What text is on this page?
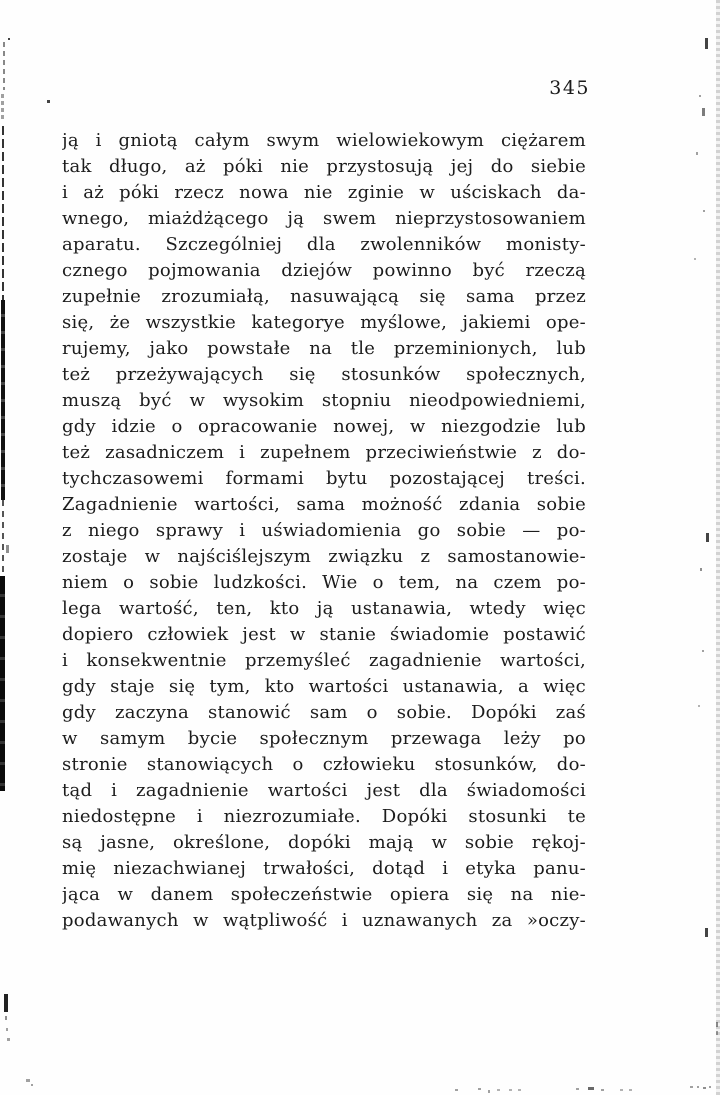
345
ją i gniotą całym swym wielowiekowym ciężarem
tak długo, aż póki nie przystosują jej do siebie
i aż póki rzecz nowa nie zginie w uściskach da-
wnego, miażdżącego ją swem nieprzystosowaniem
aparatu. Szczególniej dla zwolenników monisty-
cznego pojmowania dziejów powinno być rzeczą
zupełnie zrozumiałą, nasuwającą się sama przez
się, że wszystkie kategorye myślowe, jakiemi ope-
rujemy, jako powstałe na tle przeminionych, lub
też przeżywających się stosunków społecznych,
muszą być w wysokim stopniu nieodpowiedniemi,
gdy idzie o opracowanie nowej, w niezgodzie lub
też zasadniczem i zupełnem przeciwieństwie z do-
tychczasowemi formami bytu pozostającej treści.
Zagadnienie wartości, sama możność zdania sobie
z niego sprawy i uświadomienia go sobie — po-
zostaje w najściślejszym związku z samostanowie-
niem o sobie ludzkości. Wie o tem, na czem po-
lega wartość, ten, kto ją ustanawia, wtedy więc
dopiero człowiek jest w stanie świadomie postawić
i konsekwentnie przemyśleć zagadnienie wartości,
gdy staje się tym, kto wartości ustanawia, a więc
gdy zaczyna stanowić sam o sobie. Dopóki zaś
w samym bycie społecznym przewaga leży po
stronie stanowiących o człowieku stosunków, do-
tąd i zagadnienie wartości jest dla świadomości
niedostępne i niezrozumiałe. Dopóki stosunki te
są jasne, określone, dopóki mają w sobie rękoj-
mię niezachwianej trwałości, dotąd i etyka panu-
jąca w danem społeczeństwie opiera się na nie-
podawanych w wątpliwość i uznawanych za »oczy-
